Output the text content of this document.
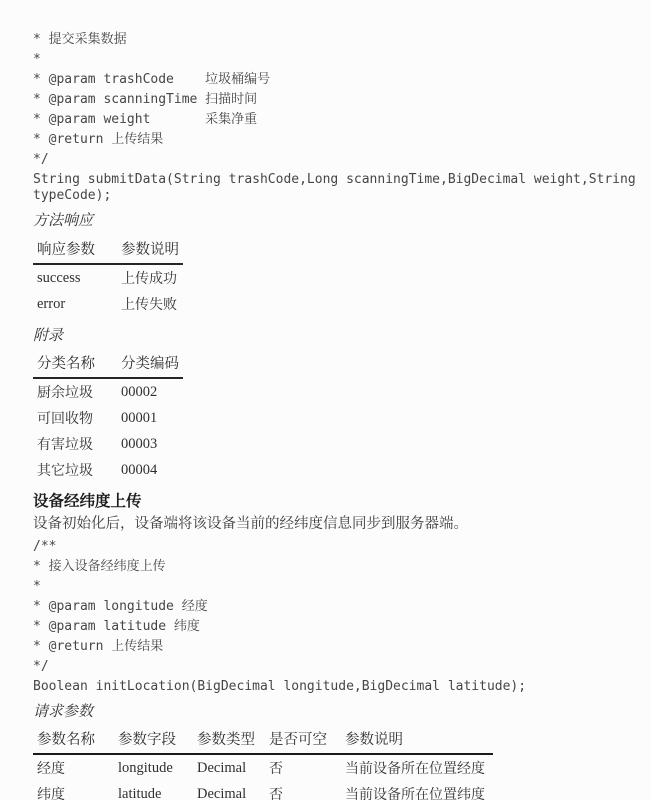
* 提交采集数据
*
* @param trashCode    垃圾桶编号
* @param scanningTime 扫描时间
* @param weight       采集净重
* @return 上传结果
*/
String submitData(String trashCode,Long scanningTime,BigDecimal weight,String
typeCode);
方法响应
响应参数	参数说明
success	上传成功
error	上传失败
附录
分类名称	分类编码
厨余垃圾	00002
可回收物	00001
有害垃圾	00003
其它垃圾	00004
设备经纬度上传
设备初始化后，设备端将该设备当前的经纬度信息同步到服务器端。
/**
* 接入设备经纬度上传
*
* @param longitude 经度
* @param latitude 纬度
* @return 上传结果
*/
Boolean initLocation(BigDecimal longitude,BigDecimal latitude);
请求参数
参数名称	参数字段	参数类型	是否可空	参数说明
经度	longitude	Decimal	否	当前设备所在位置经度
纬度	latitude	Decimal	否	当前设备所在位置纬度
